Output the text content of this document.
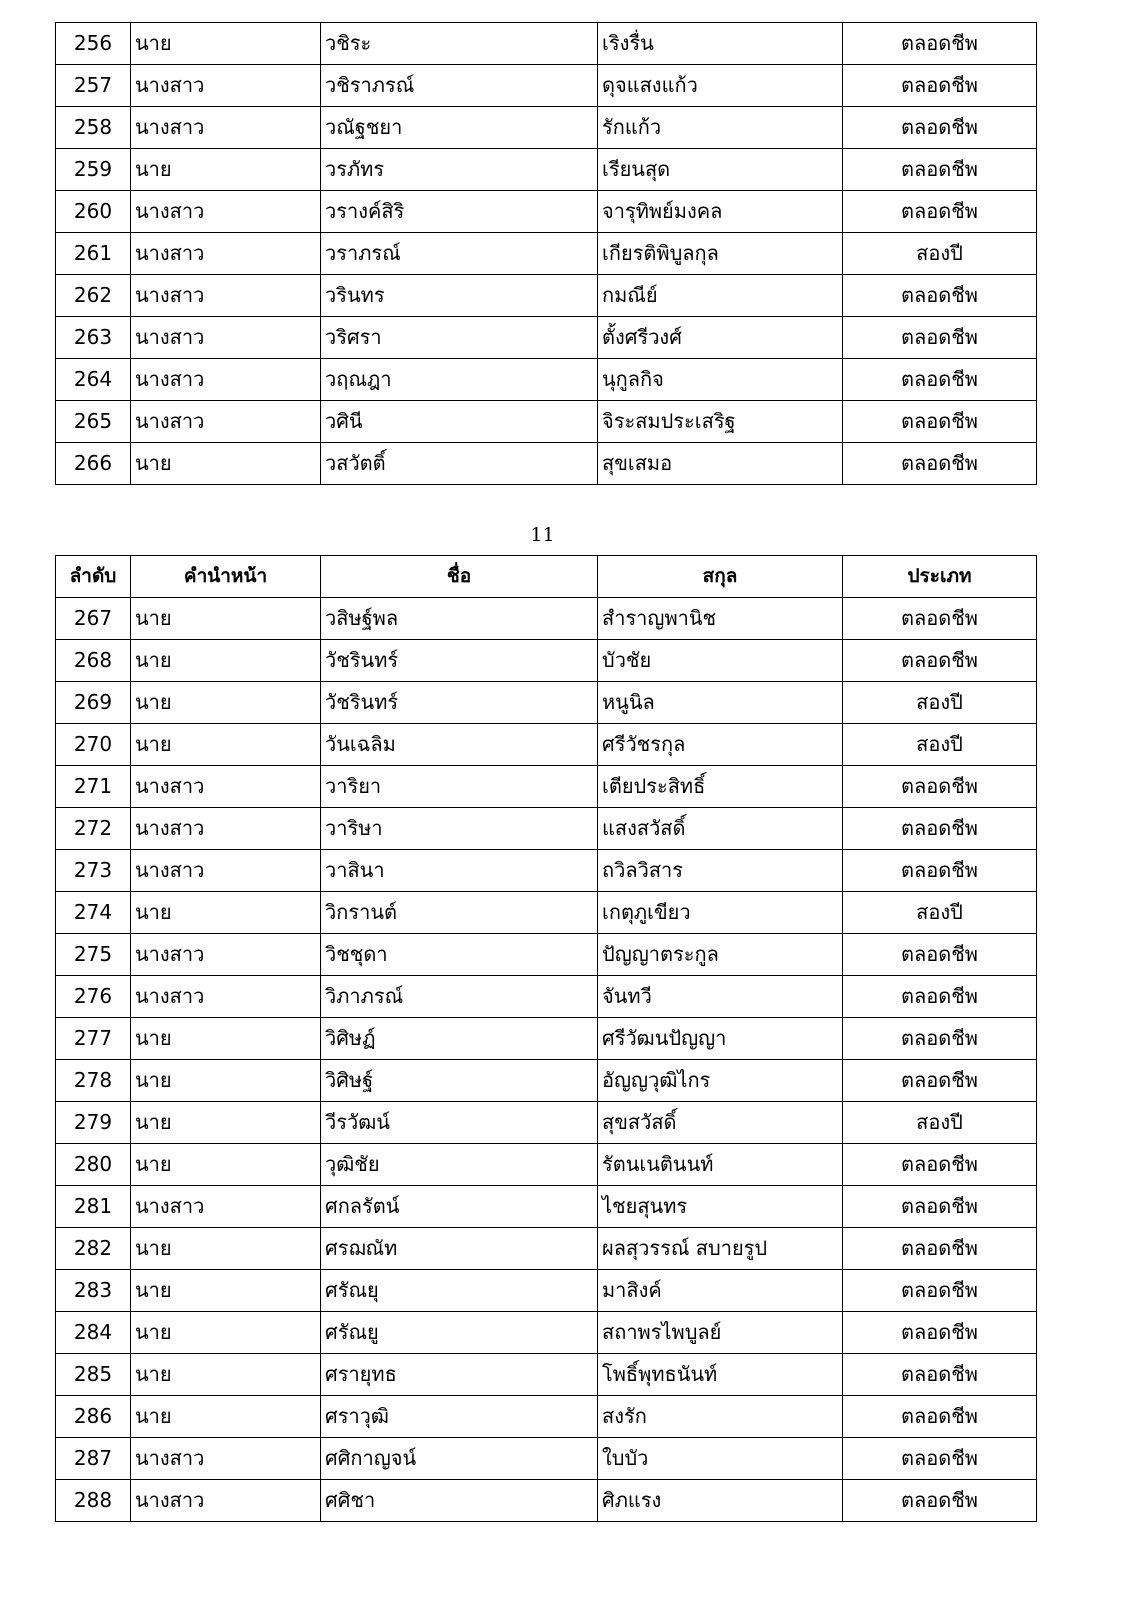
256	นาย	วชิระ	เริงรื่น	ตลอดชีพ
257	นางสาว	วชิราภรณ์	ดุจแสงแก้ว	ตลอดชีพ
258	นางสาว	วณัฐชยา	รักแก้ว	ตลอดชีพ
259	นาย	วรภัทร	เรียนสุด	ตลอดชีพ
260	นางสาว	วรางค์สิริ	จารุทิพย์มงคล	ตลอดชีพ
261	นางสาว	วราภรณ์	เกียรติพิบูลกุล	สองปี
262	นางสาว	วรินทร	กมณีย์	ตลอดชีพ
263	นางสาว	วริศรา	ตั้งศรีวงศ์	ตลอดชีพ
264	นางสาว	วฤณฎา	นุกูลกิจ	ตลอดชีพ
265	นางสาว	วศินี	จิระสมประเสริฐ	ตลอดชีพ
266	นาย	วสวัตติ์	สุขเสมอ	ตลอดชีพ
11
ลำดับ	คำนำหน้า	ชื่อ	สกุล	ประเภท
267	นาย	วสิษฐ์พล	สำราญพานิช	ตลอดชีพ
268	นาย	วัชรินทร์	บัวชัย	ตลอดชีพ
269	นาย	วัชรินทร์	หนูนิล	สองปี
270	นาย	วันเฉลิม	ศรีวัชรกุล	สองปี
271	นางสาว	วาริยา	เตียประสิทธิ์	ตลอดชีพ
272	นางสาว	วาริษา	แสงสวัสดิ์	ตลอดชีพ
273	นางสาว	วาสินา	ถวิลวิสาร	ตลอดชีพ
274	นาย	วิกรานต์	เกตุภูเขียว	สองปี
275	นางสาว	วิชชุดา	ปัญญาตระกูล	ตลอดชีพ
276	นางสาว	วิภาภรณ์	จันทวี	ตลอดชีพ
277	นาย	วิศิษฏ์	ศรีวัฒนปัญญา	ตลอดชีพ
278	นาย	วิศิษฐ์	อัญญวุฒิไกร	ตลอดชีพ
279	นาย	วีรวัฒน์	สุขสวัสดิ์	สองปี
280	นาย	วุฒิชัย	รัตนเนตินนท์	ตลอดชีพ
281	นางสาว	ศกลรัตน์	ไชยสุนทร	ตลอดชีพ
282	นาย	ศรฌณัท	ผลสุวรรณ์ สบายรูป	ตลอดชีพ
283	นาย	ศรัณยุ	มาสิงค์	ตลอดชีพ
284	นาย	ศรัณยู	สถาพรไพบูลย์	ตลอดชีพ
285	นาย	ศรายุทธ	โพธิ์พุทธนันท์	ตลอดชีพ
286	นาย	ศราวุฒิ	สงรัก	ตลอดชีพ
287	นางสาว	ศศิกาญจน์	ใบบัว	ตลอดชีพ
288	นางสาว	ศศิชา	ศิภแรง	ตลอดชีพ
